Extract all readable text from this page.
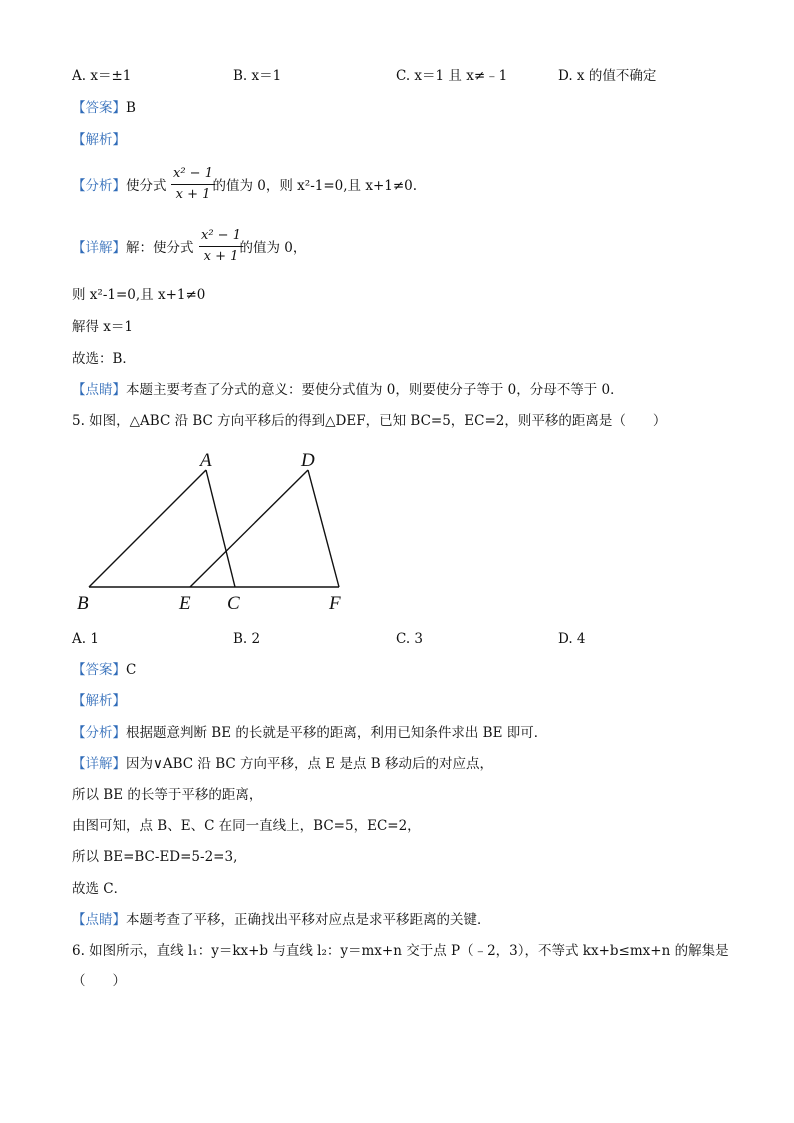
A. x＝±1	B. x＝1	C. x＝1 且 x≠﹣1	D. x 的值不确定
【答案】B
【解析】
【分析】使分式	的值为 0，则 x²-1=0,且 x+1≠0.
x² − 1
x + 1
【详解】解：使分式	的值为 0，
x² − 1
x + 1
则 x²-1=0,且 x+1≠0
解得 x＝1
故选：B．
【点睛】本题主要考查了分式的意义：要使分式值为 0，则要使分子等于 0，分母不等于 0．
5. 如图，△ABC 沿 BC 方向平移后的得到△DEF，已知 BC=5，EC=2，则平移的距离是（　　）
A	D
B	E C	F
A. 1	B. 2	C. 3	D. 4
【答案】C
【解析】
【分析】根据题意判断 BE 的长就是平移的距离，利用已知条件求出 BE 即可．
【详解】因为∨ABC 沿 BC 方向平移，点 E 是点 B 移动后的对应点，
所以 BE 的长等于平移的距离，
由图可知，点 B、E、C 在同一直线上，BC=5，EC=2，
所以 BE=BC-ED=5-2=3,
故选 C．
【点睛】本题考查了平移，正确找出平移对应点是求平移距离的关键．
6. 如图所示，直线 l₁：y＝kx+b 与直线 l₂：y＝mx+n 交于点 P（﹣2，3），不等式 kx+b≤mx+n 的解集是
（　　）
